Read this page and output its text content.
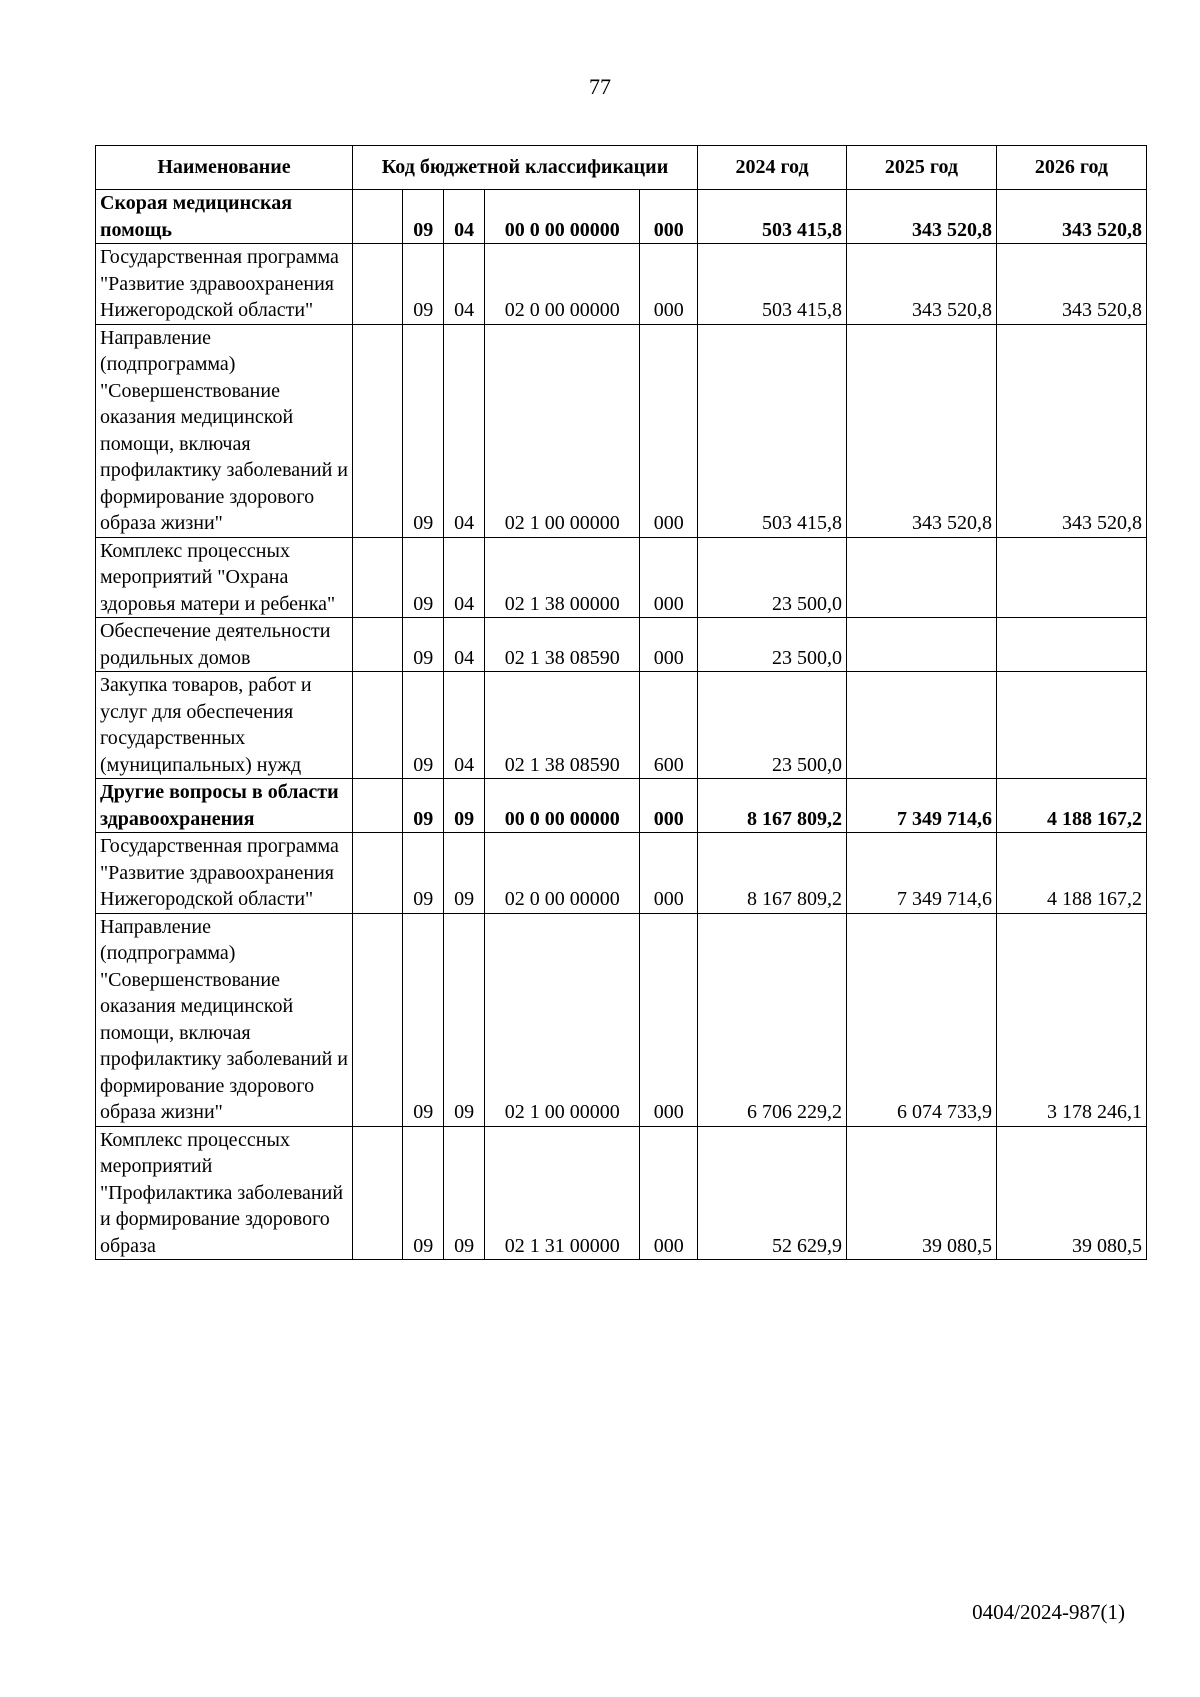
77
Наименование	Код бюджетной классификации					2024 год	2025 год	2026 год
Скорая медицинская помощь		09	04	00 0 00 00000	000	503 415,8	343 520,8	343 520,8
Государственная программа "Развитие здравоохранения Нижегородской области"		09	04	02 0 00 00000	000	503 415,8	343 520,8	343 520,8
Направление (подпрограмма) "Совершенствование оказания медицинской помощи, включая профилактику заболеваний и формирование здорового образа жизни"		09	04	02 1 00 00000	000	503 415,8	343 520,8	343 520,8
Комплекс процессных мероприятий "Охрана здоровья матери и ребенка"		09	04	02 1 38 00000	000	23 500,0		
Обеспечение деятельности родильных домов		09	04	02 1 38 08590	000	23 500,0		
Закупка товаров, работ и услуг для обеспечения государственных (муниципальных) нужд		09	04	02 1 38 08590	600	23 500,0		
Другие вопросы в области здравоохранения		09	09	00 0 00 00000	000	8 167 809,2	7 349 714,6	4 188 167,2
Государственная программа "Развитие здравоохранения Нижегородской области"		09	09	02 0 00 00000	000	8 167 809,2	7 349 714,6	4 188 167,2
Направление (подпрограмма) "Совершенствование оказания медицинской помощи, включая профилактику заболеваний и формирование здорового образа жизни"		09	09	02 1 00 00000	000	6 706 229,2	6 074 733,9	3 178 246,1
Комплекс процессных мероприятий "Профилактика заболеваний и формирование здорового образа		09	09	02 1 31 00000	000	52 629,9	39 080,5	39 080,5
0404/2024-987(1)
